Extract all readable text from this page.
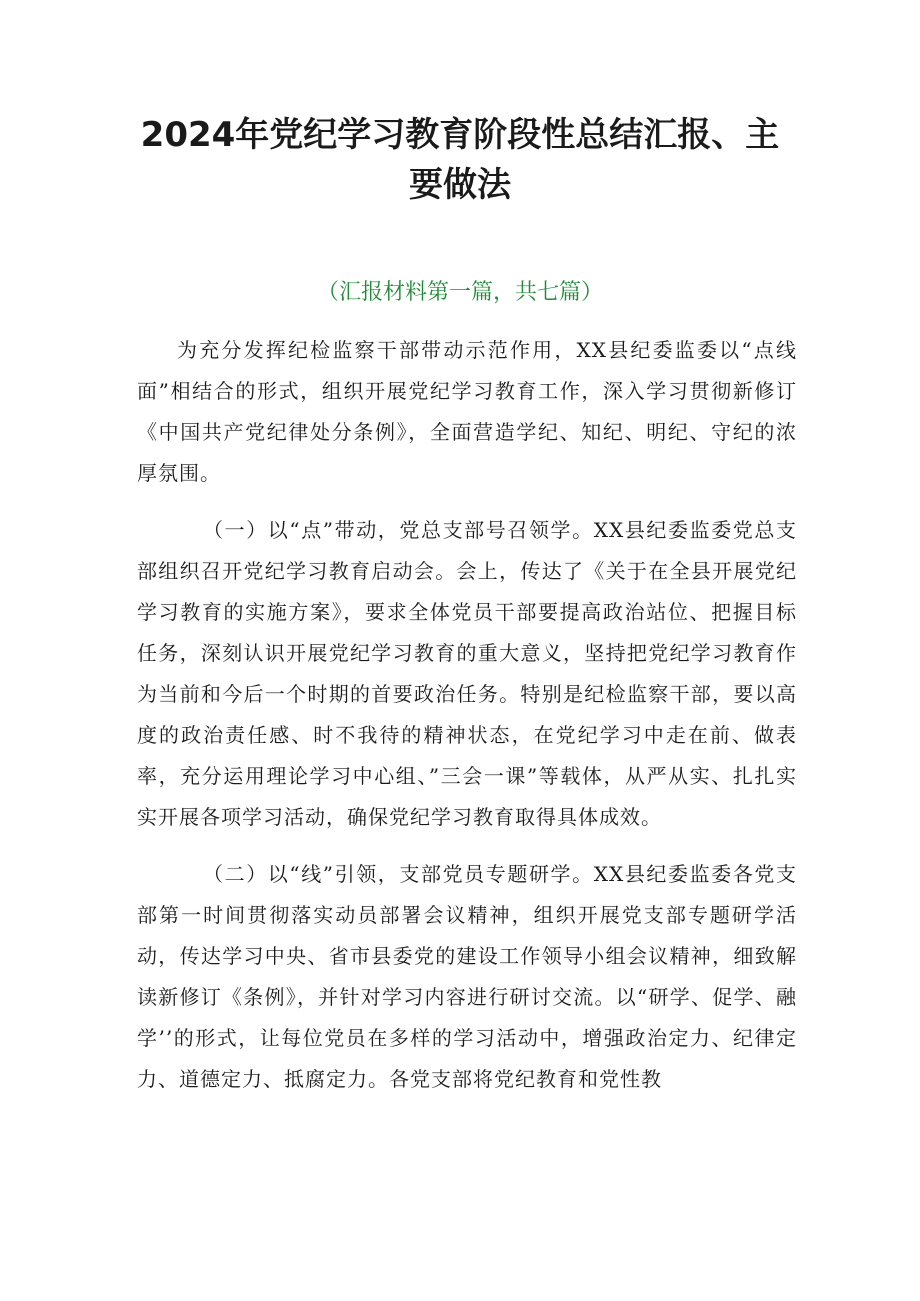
2024年党纪学习教育阶段性总结汇报、主要做法

（汇报材料第一篇，共七篇）

为充分发挥纪检监察干部带动示范作用，XX县纪委监委以“点线面”相结合的形式，组织开展党纪学习教育工作，深入学习贯彻新修订《中国共产党纪律处分条例》，全面营造学纪、知纪、明纪、守纪的浓厚氛围。

（一）以“点”带动，党总支部号召领学。XX县纪委监委党总支部组织召开党纪学习教育启动会。会上，传达了《关于在全县开展党纪学习教育的实施方案》，要求全体党员干部要提高政治站位、把握目标任务，深刻认识开展党纪学习教育的重大意义，坚持把党纪学习教育作为当前和今后一个时期的首要政治任务。特别是纪检监察干部，要以高度的政治责任感、时不我待的精神状态，在党纪学习中走在前、做表率，充分运用理论学习中心组、”三会一课”等载体，从严从实、扎扎实实开展各项学习活动，确保党纪学习教育取得具体成效。

（二）以“线”引领，支部党员专题研学。XX县纪委监委各党支部第一时间贯彻落实动员部署会议精神，组织开展党支部专题研学活动，传达学习中央、省市县委党的建设工作领导小组会议精神，细致解读新修订《条例》，并针对学习内容进行研讨交流。以“研学、促学、融学’’的形式，让每位党员在多样的学习活动中，增强政治定力、纪律定力、道德定力、抵腐定力。各党支部将党纪教育和党性教
